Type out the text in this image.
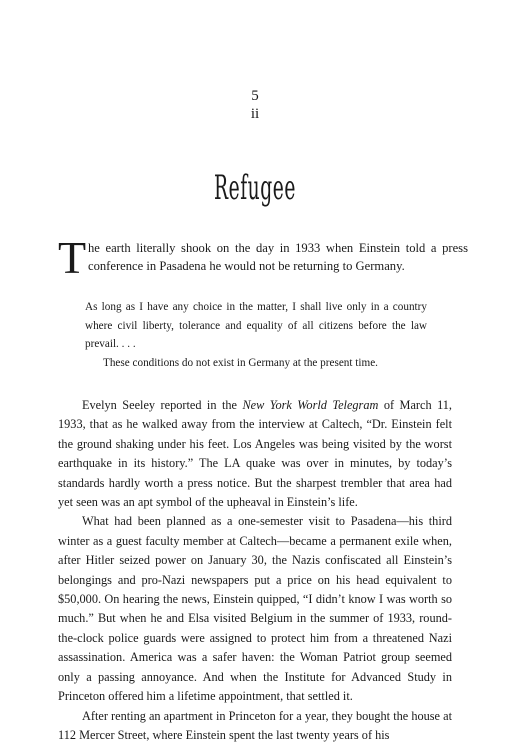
5
ii
Refugee
T he earth literally shook on the day in 1933 when Einstein told a press conference in Pasadena he would not be returning to Germany.

As long as I have any choice in the matter, I shall live only in a country where civil liberty, tolerance and equality of all citizens before the law prevail. . . .

These conditions do not exist in Germany at the present time.

Evelyn Seeley reported in the New York World Telegram of March 11, 1933, that as he walked away from the interview at Caltech, “Dr. Einstein felt the ground shaking under his feet. Los Angeles was being visited by the worst earthquake in its history.” The LA quake was over in minutes, by today’s standards hardly worth a press notice. But the sharpest trembler that area had yet seen was an apt symbol of the upheaval in Einstein’s life.

What had been planned as a one-semester visit to Pasadena—his third winter as a guest faculty member at Caltech—became a permanent exile when, after Hitler seized power on January 30, the Nazis confiscated all Einstein’s belongings and pro-Nazi newspapers put a price on his head equivalent to $50,000. On hearing the news, Einstein quipped, “I didn’t know I was worth so much.” But when he and Elsa visited Belgium in the summer of 1933, round-the-clock police guards were assigned to protect him from a threatened Nazi assassination. America was a safer haven: the Woman Patriot group seemed only a passing annoyance. And when the Institute for Advanced Study in Princeton offered him a lifetime appointment, that settled it.

After renting an apartment in Princeton for a year, they bought the house at 112 Mercer Street, where Einstein spent the last twenty years of his
